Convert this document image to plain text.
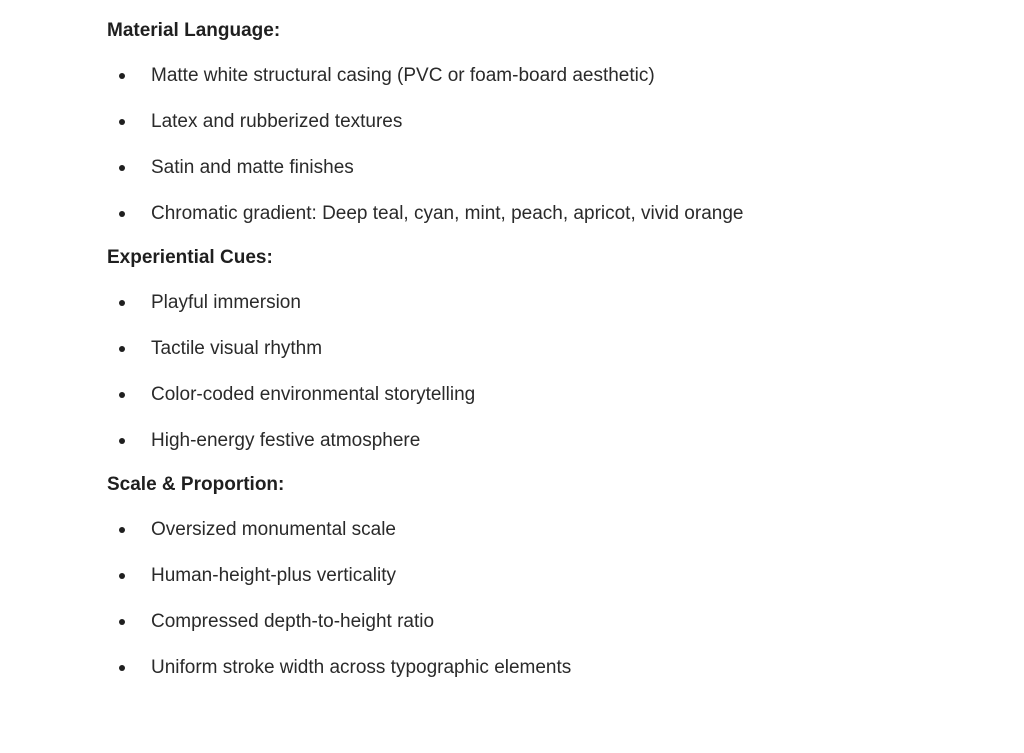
Material Language:
Matte white structural casing (PVC or foam-board aesthetic)
Latex and rubberized textures
Satin and matte finishes
Chromatic gradient: Deep teal, cyan, mint, peach, apricot, vivid orange
Experiential Cues:
Playful immersion
Tactile visual rhythm
Color-coded environmental storytelling
High-energy festive atmosphere
Scale & Proportion:
Oversized monumental scale
Human-height-plus verticality
Compressed depth-to-height ratio
Uniform stroke width across typographic elements
